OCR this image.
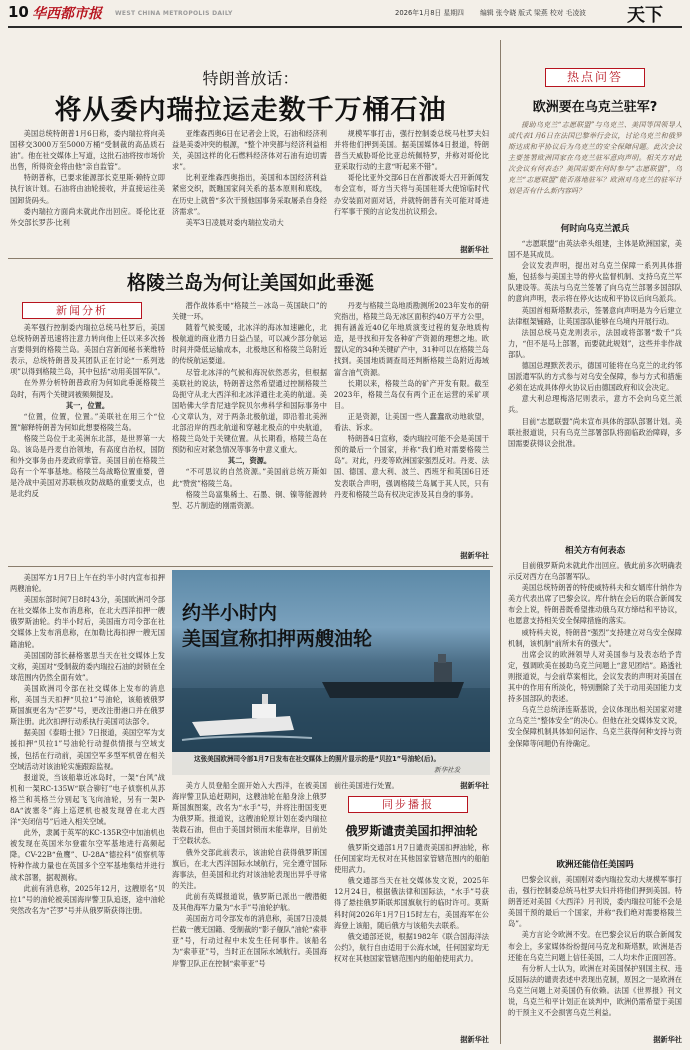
10 华西都市报 WEST CHINA METROPOLIS DAILY	2026年1月8日 星期四 编辑 张令晓 版式 梁燕 校对 毛凌波 天下
特朗普放话：
将从委内瑞拉运走数千万桶石油

美国总统特朗普1月6日称，委内瑞拉将向美国移交3000万至5000万桶“受制裁的高品质石油”。他在社交媒体上写道，这批石油将按市场价出售，所得资金将由他“亲自监管”。

特朗普称，已要求能源部长克里斯·赖特立即执行该计划。石油将由油轮接收，并直接运往美国卸货码头。

委内瑞拉方面尚未就此作出回应。哥伦比亚外交部长罗莎·比利

亚维森西奥6日在记者会上说，石油和经济利益是美委冲突的根源，“整个冲突都与经济利益相关，美国这样的化石燃料经济体对石油有迫切需求”。

比利亚维森西奥指出，美国和本国经济利益紧密交织，既瞧国家间关系的基本原则和底线，在历史上就曾“多次干预他国事务采取屠杀自身经济需求”。

美军3日凌晨对委内瑞拉发动大

规模军事打击，强行控制委总统马杜罗夫妇并将他们押到美国。据美国媒体4日报道，特朗普当天威胁哥伦比亚总统佩特罗，并称对哥伦比亚采取行动的主意“听起来不错”。

哥伦比亚外交部6日在首都波哥大召开新闻发布会宣布，哥方当天将与美国驻哥大使馆临时代办安装面对面对话，并就特朗普有关可能对哥进行军事干预的言论发出抗议照会。

据新华社
格陵兰岛为何让美国如此垂涎
新闻分析

美军强行控制委内瑞拉总统马杜罗后，美国总统特朗普迅速将注意力转向他上任以来多次扬言要得到的格陵兰岛。美国白宫新闻秘书莱维特表示，总统特朗普及其团队正在讨论“一系列选项”以得到格陵兰岛，其中包括“动用美国军队”。

在外界分析特朗普政府为何如此垂涎格陵兰岛时，有两个关键词被频频提及。

其一，位置。

“位置，位置，位置。”美联社在用三个“位置”解释特朗普为何如此想要格陵兰岛。

格陵兰岛位于北美洲东北部，是世界第一大岛。该岛是丹麦自治领地，有高度自治权，国防和外交事务由丹麦政府掌管。美国目前在格陵兰岛有一个军事基地。格陵兰岛战略位置重要，曾是冷战中美国对苏联核攻防战略的重要支点，也是北约反

潜作战体系中“格陵兰－冰岛－英国缺口”的关键一环。

随着气候变暖，北冰洋的海冰加速融化，北极航道的商业潜力日益凸显，可以减少部分航运时间并降低运输成本，北极地区和格陵兰岛附近的传统航运要道。

尽管北冰洋的气候和海况依然恶劣，但根据美联社的说法，特朗普这然希望通过控制格陵兰岛扼守从北大西洋和北冰洋通往北美的航道。美国哈佛大学肯尼迪学院贝尔弗科学和国际事务中心文章认为，对于两条北极航道，即沿着北美洲北部沿岸的西北航道和穿越北极点的中央航道，格陵兰岛处于关键位置。从长期看，格陵兰岛在预防和应对紧急情况等事务中意义重大。

其二，资源。

“不可思议的自然资源。”美国前总统万斯如此“赞赏”格陵兰岛。

格陵兰岛富集稀土、石墨、铜、镍等能源转型、芯片制造的刚需资源。

丹麦与格陵兰岛地质勘测所2023年发布的研究指出，格陵兰岛无冰区面积约40万平方公里，拥有涵盖近40亿年地质演变过程的复杂地质构造，是寻找和开发各种矿产资源的理想之地。欧盟认定的34种关键矿产中，31种可以在格陵兰岛找到。美国地质调查局还判断格陵兰岛附近海域富含油气资源。

长期以来，格陵兰岛的矿产开发有限。截至2023年，格陵兰岛仅有两个正在运营的采矿项目。

正是资源，让美国一些人蠢蠢欲动地欲望，看法、诉求。

特朗普4日宣称，委内瑞拉可能不会是美国干预的最后一个国家，并称“我们绝对需要格陵兰岛”。对此，丹麦等欧洲国家强烈反对。丹麦、法国、德国、意大利、波兰、西班牙和英国6日还发表联合声明，强调格陵兰岛属于其人民，只有丹麦和格陵兰岛有权决定涉及其自身的事务。

据新华社

美国军方1月7日上午在约半小时内宣布扣押两艘油轮。

美国东部时间7日8时43分，美国欧洲司令部在社交媒体上发布消息称，在北大西洋扣押一艘俄罗斯油轮。约半小时后，美国南方司令部在社交媒体上发布消息称，在加勒比海扣押一艘无国籍油轮。

美国国防部长赫格塞思当天在社交媒体上发文称，美国对“受制裁的委内瑞拉石油的封锁在全球范围内仍然全面有效”。

美国欧洲司令部在社交媒体上发布的消息称，美国当天扣押“贝拉1”号油轮，该船被俄罗斯国旗更名为“芒罗”号，更改注册港口并在俄罗斯注册。此次扣押行动系执行美国司法部令。

据美国《泰晤士报》7日报道，美国空军为支援扣押“贝拉1”号油轮行动提供情报与空域支援，包括在行动前，美国空军多型军机曾在相关空域活动对该油轮实施跟踪监视。

报道说，当该船靠近冰岛时，一架“台风”战机和一架RC-135W“联合铆钉”电子侦察机从苏格兰和英格兰分别起飞飞向油轮，另有一架P-8A“波塞冬”海上巡逻机也被发现曾在北大西洋“关闭信号”后进入相关空域。

此外，隶属于英军的KC-135R空中加油机也被发现在英国米尔登霍尔空军基地进行高频起降。CV-22B“鱼鹰”、U-28A“德拉科”侦察机等特种作战力量也在英国多个空军基地集结并进行战术部署，据观测称。

此前有消息称，2025年12月，这艘原名“贝拉1”号的油轮被美国海岸警卫队追逐，途中油轮突然改名为“芒罗”号并从俄罗斯获得注册。

约半小时内
美国宣称扣押两艘油轮
这张美国欧洲司令部1月7日发布在社交媒体上的照片显示的是“贝拉1”号油轮(后)。
新华社发

美方人员登船全面开始入大西洋，在被美国海岸警卫队追赶期间，这艘油轮在船身涂上俄罗斯国旗图案，改名为“水手”号，并将注册国变更为俄罗斯。报道说，这艘油轮原计划在委内瑞拉装载石油，但由于美国封锁而未能靠岸，目前处于空载状态。

俄外交部此前表示，该油轮自获得俄罗斯国旗后，在北大西洋国际水域航行，完全遵守国际海事法，但美国和北约对该油轮表现出异乎寻常的关注。

此前有英媒报道说，俄罗斯已派出一艘潜艇及其他海军力量为“水手”号油轮护航。

美国南方司令部发布的消息称，美国7日凌晨拦截一艘无国籍、受制裁的“影子舰队”油轮“索菲亚”号，行动过程中未发生任何事件。该船名为“索菲亚”号，当时正在国际水域航行。美国海岸警卫队正在控制“索菲亚”号

前往美国进行处置。	据新华社
同步播报
俄罗斯谴责美国扣押油轮

俄罗斯交通部1月7日谴责美国扣押油轮，称任何国家均无权对在其他国家管辖范围内的船舶使用武力。

俄交通部当天在社交媒体发文说，2025年12月24日，根据俄法律和国际法，“水手”号获得了悬挂俄罗斯联邦国旗航行的临时许可。莫斯科时间2026年1月7日15时左右，美国海军在公海登上该船，随后俄方与该船失去联系。

俄交通部还说，根据1982年《联合国海洋法公约》，航行自由适用于公海水域，任何国家均无权对在其他国家管辖范围内的船舶使用武力。

据新华社
热点问答
欧洲要在乌克兰驻军?
援助乌克兰“志愿联盟”与乌克兰、美国等国领导人或代表1月6日在法国巴黎举行会议，讨论乌克兰和俄罗斯达成和平协议后为乌克兰的安全保障问题。此次会议主要签署欧洲国家在乌克兰驻军意向声明。相关方对此次会议有何表态？美国需要在何时参与“志愿联盟”，乌克兰“志愿联盟”能否落地驻军？欧洲对乌克兰的驻军计划是否有什么新内容吗？
何时向乌克兰派兵

“志愿联盟”由英法牵头组建，主体是欧洲国家，美国不是其成员。

会议发表声明，提出对乌克兰保障一系列具体措施，包括参与美国主导的停火监督机制、支持乌克兰军队建设等。英法与乌克兰签署了向乌克兰部署多国部队的意向声明，表示将在停火达成和平协议后向乌派兵。

英国首相斯塔默表示，签署意向声明是为今后建立法律框架铺路，让英国部队能够在乌境内开展行动。

法国总统马克龙则表示，法国或将部署“数千”兵力，“但不是马上部署，而要就此规划”，这些并非作战部队。

德国总理默茨表示，德国可能将在乌克兰的北约邻国派遣军队的方式参与对乌安全保障，参与方式和措施必须在达成具体停火协议后由德国政府和议会决定。

意大利总理梅洛尼则表示，意方不会向乌克兰派兵。

目前“志愿联盟”尚未宣布具体的部队部署计划。美联社报道说，只有乌克兰部署部队将面临政治障碍，多国需要获得议会批准。

相关方有何表态

目前俄罗斯尚未就此作出回应。俄此前多次明确表示反对西方在乌部署军队。

美国总统特朗普的特使威特科夫和女婿库什纳作为美方代表出席了巴黎会议。库什纳在会后的联合新闻发布会上说，特朗普既希望推动俄乌双方缔结和平协议，也愿意支持相关安全保障措施的落实。

威特科夫说，特朗普“强烈”支持建立对乌安全保障机制，该机制“前所未有的强大”。

出席会议的欧洲领导人对美国参与及表态给予肯定，强调欧美在援助乌克兰问题上“意见团结”。路透社则报道说，与会前草案相比，会议发表的声明对美国在其中的作用有所淡化，特别删除了关于动用美国能力支持多国部队的表述。

乌克兰总统泽连斯基说，会议体现出相关国家对建立乌克兰“整体安全”的决心。但他在社交媒体发文说，安全保障机制具体如何运作、乌克兰获得何种支持与资金保障等问题仍有待确定。

欧洲还能信任美国吗

巴黎会议前，美国刚对委内瑞拉发动大规模军事打击，强行控制委总统马杜罗夫妇并将他们押到美国。特朗普还对美国《大西洋》月刊说，委内瑞拉可能不会是美国干预的最后一个国家，并称“我们绝对需要格陵兰岛”。

美方言论令欧洲不安。在巴黎会议后的联合新闻发布会上，多家媒体纷纷提问马克龙和斯塔默，欧洲是否还能在乌克兰问题上信任美国，二人均未作正面回答。

有分析人士认为，欧洲在对美国保护别国主权、违反国际法的谴责表述中表现出克制，原因之一是欧洲在乌克兰问题上对美国仍有依赖。法国《世界报》刊文说，乌克兰和平计划正在谈判中，欧洲仍需希望于美国的干预主义不会损害乌克兰利益。

据新华社
